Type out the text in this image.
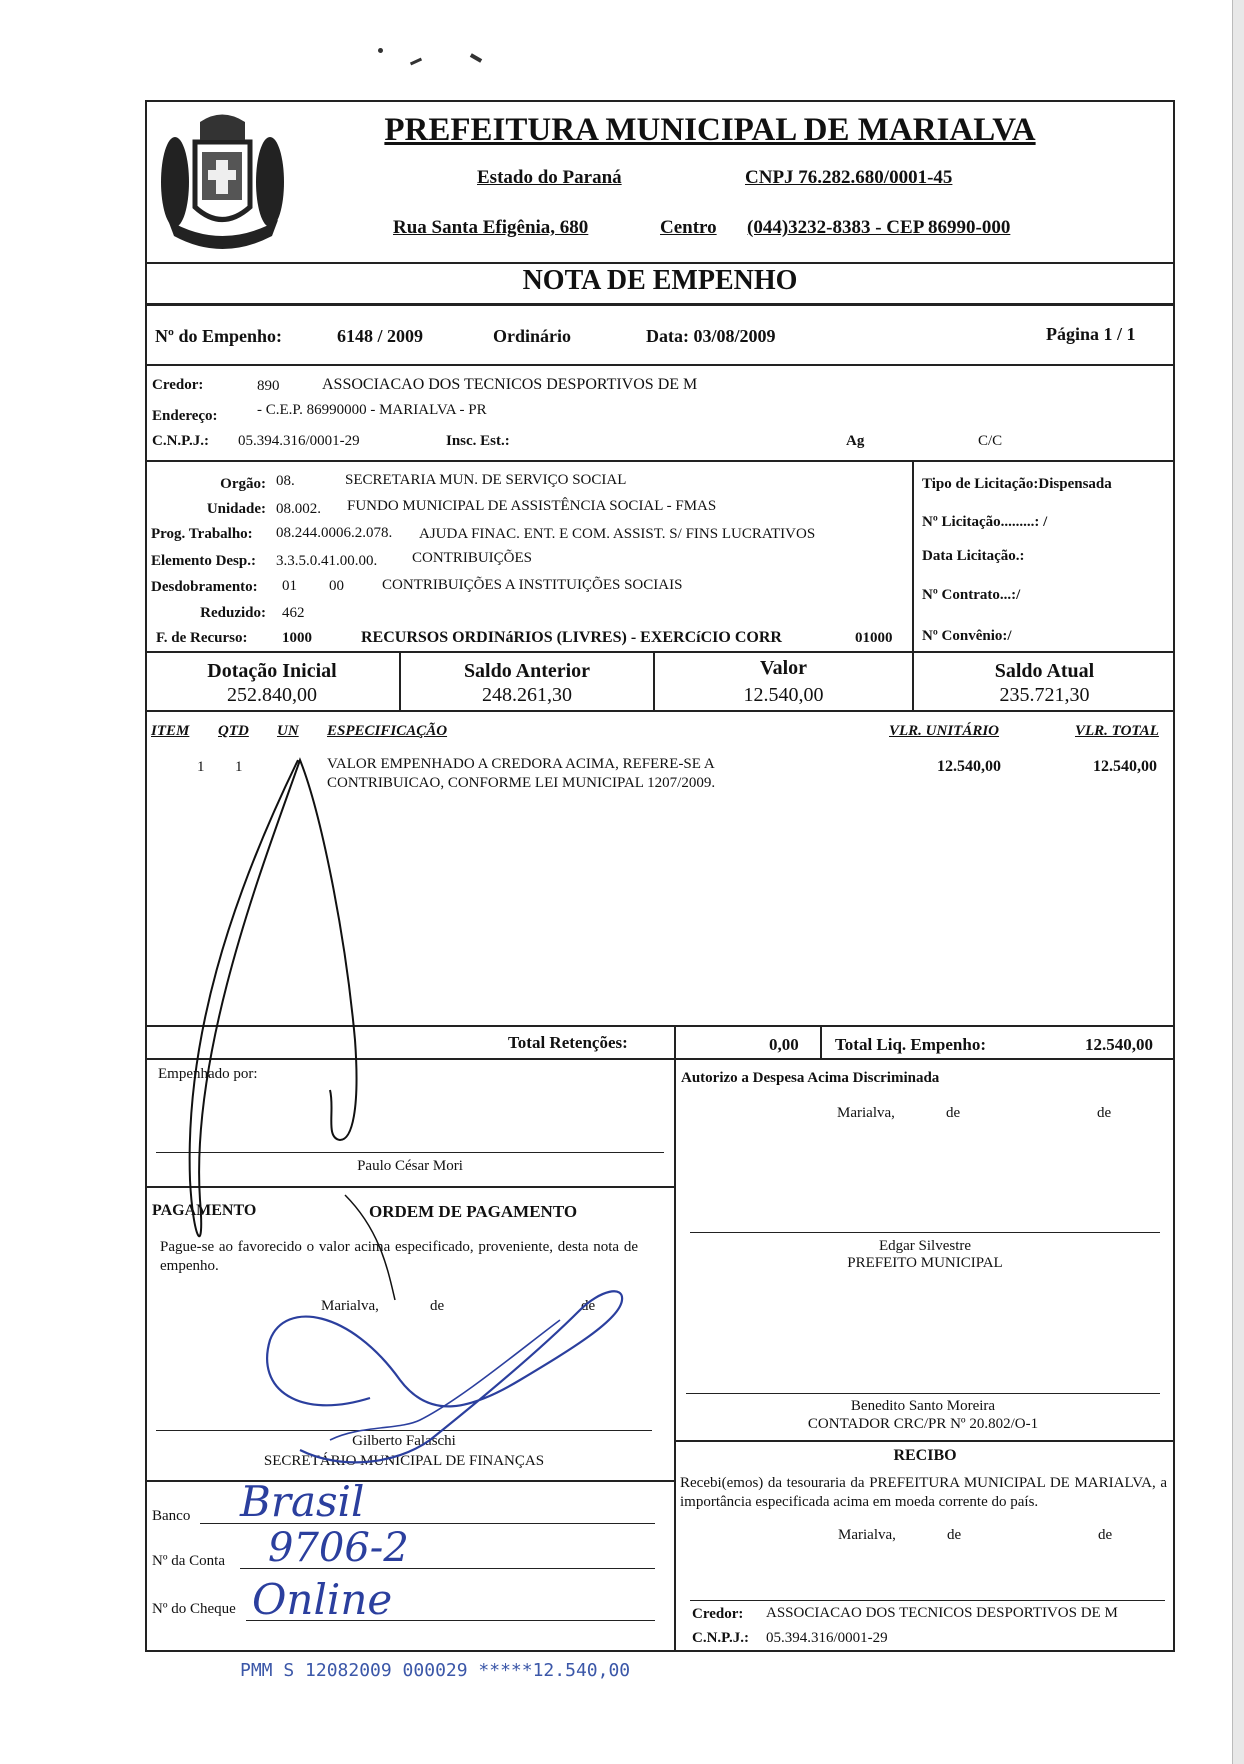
MARIALVA
PREFEITURA MUNICIPAL DE MARIALVA
Estado do Paraná	CNPJ 76.282.680/0001-45
Rua Santa Efigênia, 680	Centro (044)3232-8383 - CEP 86990-000
NOTA DE EMPENHO
Nº do Empenho:	6148 / 2009	Ordinário	Data: 03/08/2009	Página 1 / 1
Credor:	890	ASSOCIACAO DOS TECNICOS DESPORTIVOS DE M
Endereço:	- C.E.P. 86990000 - MARIALVA - PR
C.N.P.J.: 05.394.316/0001-29	Insc. Est.:	Ag	C/C
Orgão: 08.	SECRETARIA MUN. DE SERVIÇO SOCIAL
Unidade: 08.002. FUNDO MUNICIPAL DE ASSISTÊNCIA SOCIAL - FMAS
Prog. Trabalho: 08.244.0006.2.078. AJUDA FINAC. ENT. E COM. ASSIST. S/ FINS LUCRATIVOS
Elemento Desp.: 3.3.5.0.41.00.00. CONTRIBUIÇÕES
Desdobramento: 01 00	CONTRIBUIÇÕES A INSTITUIÇÕES SOCIAIS
Reduzido: 462
F. de Recurso: 1000	RECURSOS ORDINáRIOS (LIVRES) - EXERCíCIO CORR	01000
Tipo de Licitação:Dispensada
Nº Licitação.........: /
Data Licitação.:
Nº Contrato...:/
Nº Convênio:/
Dotação Inicial
252.840,00
Saldo Anterior
248.261,30
Valor
12.540,00
Saldo Atual
235.721,30
ITEM QTD UN ESPECIFICAÇÃO	VLR. UNITÁRIO	VLR. TOTAL
1 1	VALOR EMPENHADO A CREDORA ACIMA, REFERE-SE A
CONTRIBUICAO, CONFORME LEI MUNICIPAL 1207/2009.
12.540,00	12.540,00
Total Retenções:	0,00 Total Liq. Empenho:	12.540,00
Empenhado por:
Paulo César Mori
PAGAMENTO	ORDEM DE PAGAMENTO
Pague-se ao favorecido o valor acima especificado, proveniente, desta nota de empenho.
Marialva,	de	de
Gilberto Falaschi
SECRETÁRIO MUNICIPAL DE FINANÇAS
Banco Brasil
Nº da Conta 9706-2
Nº do Cheque Online
Autorizo a Despesa Acima Discriminada
Marialva,	de	de
Edgar Silvestre
PREFEITO MUNICIPAL
Benedito Santo Moreira
CONTADOR CRC/PR Nº 20.802/O-1
RECIBO
Recebi(emos) da tesouraria da PREFEITURA MUNICIPAL DE MARIALVA, a importância especificada acima em moeda corrente do país.
Marialva,	de	de
Credor: ASSOCIACAO DOS TECNICOS DESPORTIVOS DE M
C.N.P.J.: 05.394.316/0001-29
PMM S 12082009 000029 *****12.540,00
